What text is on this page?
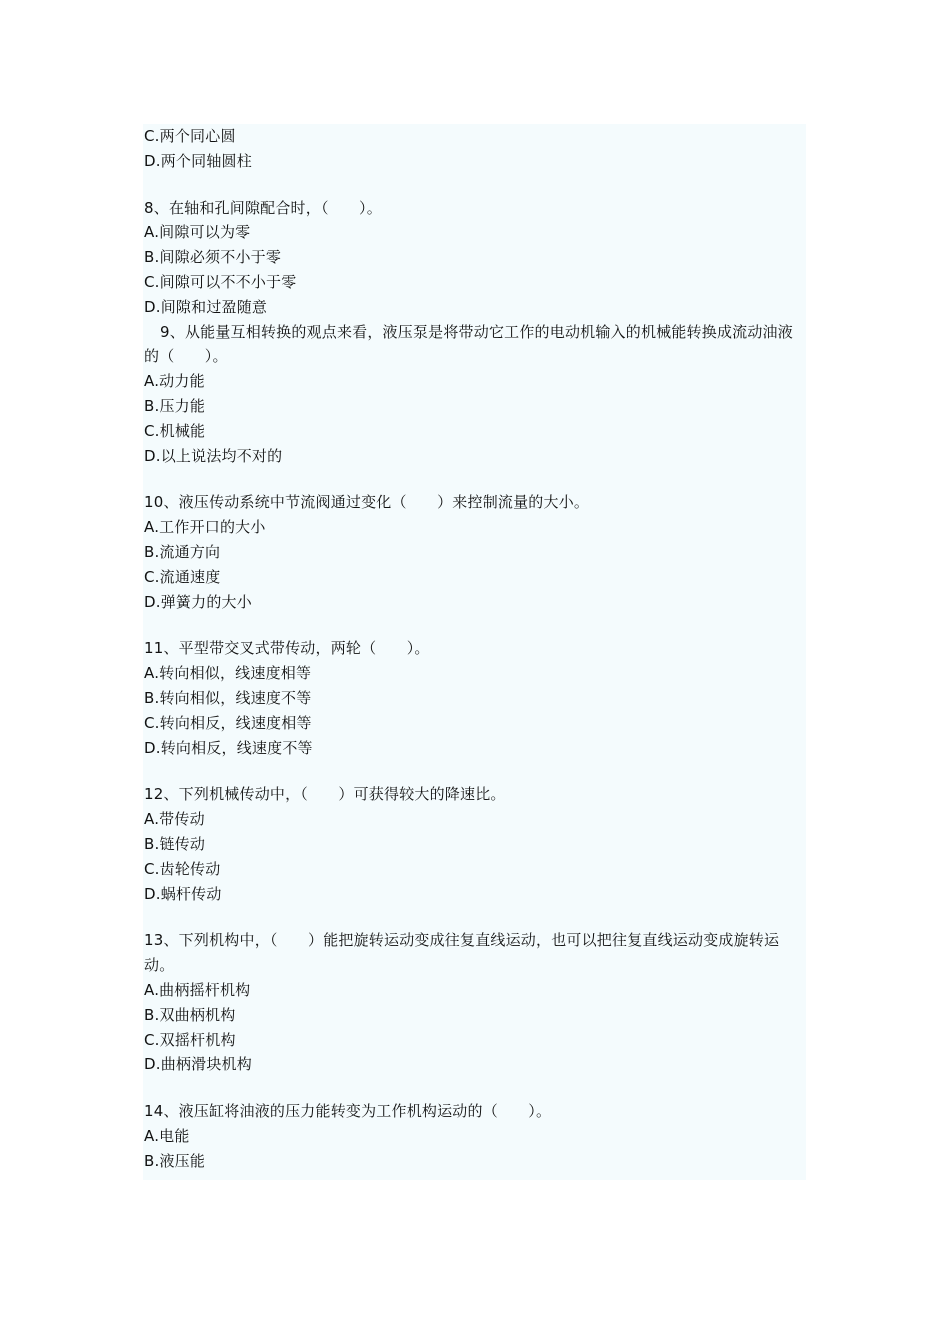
C.两个同心圆
D.两个同轴圆柱
8、在轴和孔间隙配合时，（　　）。
A.间隙可以为零
B.间隙必须不小于零
C.间隙可以不不小于零
D.间隙和过盈随意
9、从能量互相转换的观点来看，液压泵是将带动它工作的电动机输入的机械能转换成流动油液的（　　）。
A.动力能
B.压力能
C.机械能
D.以上说法均不对的
10、液压传动系统中节流阀通过变化（　　）来控制流量的大小。
A.工作开口的大小
B.流通方向
C.流通速度
D.弹簧力的大小
11、平型带交叉式带传动，两轮（　　）。
A.转向相似，线速度相等
B.转向相似，线速度不等
C.转向相反，线速度相等
D.转向相反，线速度不等
12、下列机械传动中，（　　）可获得较大的降速比。
A.带传动
B.链传动
C.齿轮传动
D.蜗杆传动
13、下列机构中，（　　）能把旋转运动变成往复直线运动，也可以把往复直线运动变成旋转运动。
A.曲柄摇杆机构
B.双曲柄机构
C.双摇杆机构
D.曲柄滑块机构
14、液压缸将油液的压力能转变为工作机构运动的（　　）。
A.电能
B.液压能
